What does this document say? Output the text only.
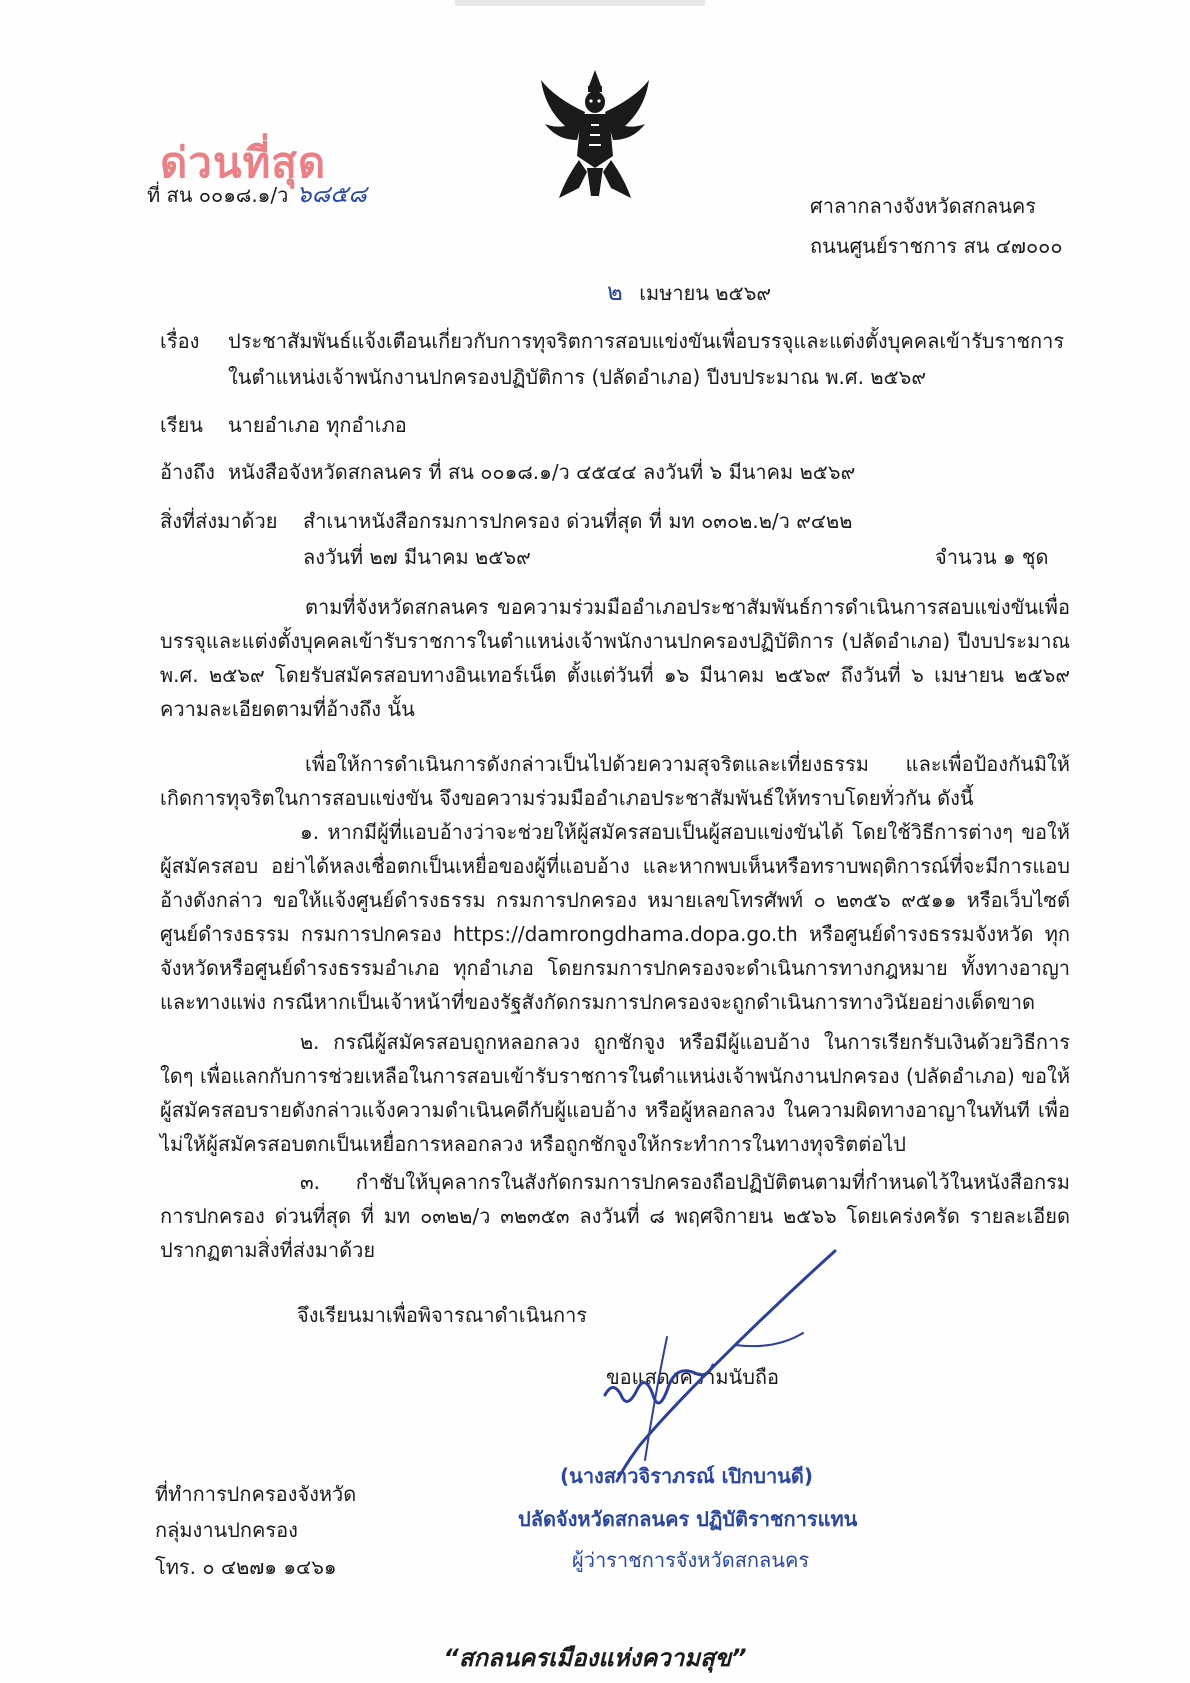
ด่วนที่สุด
ที่ สน ๐๐๑๘.๑/ว ๖๘๕๘	ศาลากลางจังหวัดสกลนคร
ถนนศูนย์ราชการ สน ๔๗๐๐๐
๒ เมษายน ๒๕๖๙
เรื่อง ประชาสัมพันธ์แจ้งเตือนเกี่ยวกับการทุจริตการสอบแข่งขันเพื่อบรรจุและแต่งตั้งบุคคลเข้ารับราชการ
ในตำแหน่งเจ้าพนักงานปกครองปฏิบัติการ (ปลัดอำเภอ) ปีงบประมาณ พ.ศ. ๒๕๖๙
เรียน นายอำเภอ ทุกอำเภอ
อ้างถึง หนังสือจังหวัดสกลนคร ที่ สน ๐๐๑๘.๑/ว ๔๕๔๔ ลงวันที่ ๖ มีนาคม ๒๕๖๙
สิ่งที่ส่งมาด้วย สำเนาหนังสือกรมการปกครอง ด่วนที่สุด ที่ มท ๐๓๐๒.๒/ว ๙๔๒๒
ลงวันที่ ๒๗ มีนาคม ๒๕๖๙	จำนวน ๑ ชุด
ตามที่จังหวัดสกลนคร ขอความร่วมมืออำเภอประชาสัมพันธ์การดำเนินการสอบแข่งขันเพื่อบรรจุและแต่งตั้งบุคคลเข้ารับราชการในตำแหน่งเจ้าพนักงานปกครองปฏิบัติการ (ปลัดอำเภอ) ปีงบประมาณ พ.ศ. ๒๕๖๙ โดยรับสมัครสอบทางอินเทอร์เน็ต ตั้งแต่วันที่ ๑๖ มีนาคม ๒๕๖๙ ถึงวันที่ ๖ เมษายน ๒๕๖๙ ความละเอียดตามที่อ้างถึง นั้น
เพื่อให้การดำเนินการดังกล่าวเป็นไปด้วยความสุจริตและเที่ยงธรรม และเพื่อป้องกันมิให้เกิดการทุจริตในการสอบแข่งขัน จึงขอความร่วมมืออำเภอประชาสัมพันธ์ให้ทราบโดยทั่วกัน ดังนี้
๑. หากมีผู้ที่แอบอ้างว่าจะช่วยให้ผู้สมัครสอบเป็นผู้สอบแข่งขันได้ โดยใช้วิธีการต่างๆ ขอให้ผู้สมัครสอบ อย่าได้หลงเชื่อตกเป็นเหยื่อของผู้ที่แอบอ้าง และหากพบเห็นหรือทราบพฤติการณ์ที่จะมีการแอบอ้างดังกล่าว ขอให้แจ้งศูนย์ดำรงธรรม กรมการปกครอง หมายเลขโทรศัพท์ ๐ ๒๓๕๖ ๙๕๑๑ หรือเว็บไซต์ศูนย์ดำรงธรรม กรมการปกครอง https://damrongdhama.dopa.go.th หรือศูนย์ดำรงธรรมจังหวัด ทุกจังหวัดหรือศูนย์ดำรงธรรมอำเภอ ทุกอำเภอ โดยกรมการปกครองจะดำเนินการทางกฎหมาย ทั้งทางอาญาและทางแพ่ง กรณีหากเป็นเจ้าหน้าที่ของรัฐสังกัดกรมการปกครองจะถูกดำเนินการทางวินัยอย่างเด็ดขาด
๒. กรณีผู้สมัครสอบถูกหลอกลวง ถูกชักจูง หรือมีผู้แอบอ้าง ในการเรียกรับเงินด้วยวิธีการใดๆ เพื่อแลกกับการช่วยเหลือในการสอบเข้ารับราชการในตำแหน่งเจ้าพนักงานปกครอง (ปลัดอำเภอ) ขอให้ผู้สมัครสอบรายดังกล่าวแจ้งความดำเนินคดีกับผู้แอบอ้าง หรือผู้หลอกลวง ในความผิดทางอาญาในทันที เพื่อไม่ให้ผู้สมัครสอบตกเป็นเหยื่อการหลอกลวง หรือถูกชักจูงให้กระทำการในทางทุจริตต่อไป
๓. กำชับให้บุคลากรในสังกัดกรมการปกครองถือปฏิบัติตนตามที่กำหนดไว้ในหนังสือกรมการปกครอง ด่วนที่สุด ที่ มท ๐๓๒๒/ว ๓๒๓๕๓ ลงวันที่ ๘ พฤศจิกายน ๒๕๖๖ โดยเคร่งครัด รายละเอียดปรากฏตามสิ่งที่ส่งมาด้วย
จึงเรียนมาเพื่อพิจารณาดำเนินการ
ขอแสดงความนับถือ
(นางสาวจิราภรณ์ เปิกบานดี)
ปลัดจังหวัดสกลนคร ปฏิบัติราชการแทน
ผู้ว่าราชการจังหวัดสกลนคร
ที่ทำการปกครองจังหวัด
กลุ่มงานปกครอง
โทร. ๐ ๔๒๗๑ ๑๔๖๑
“สกลนครเมืองแห่งความสุข”
